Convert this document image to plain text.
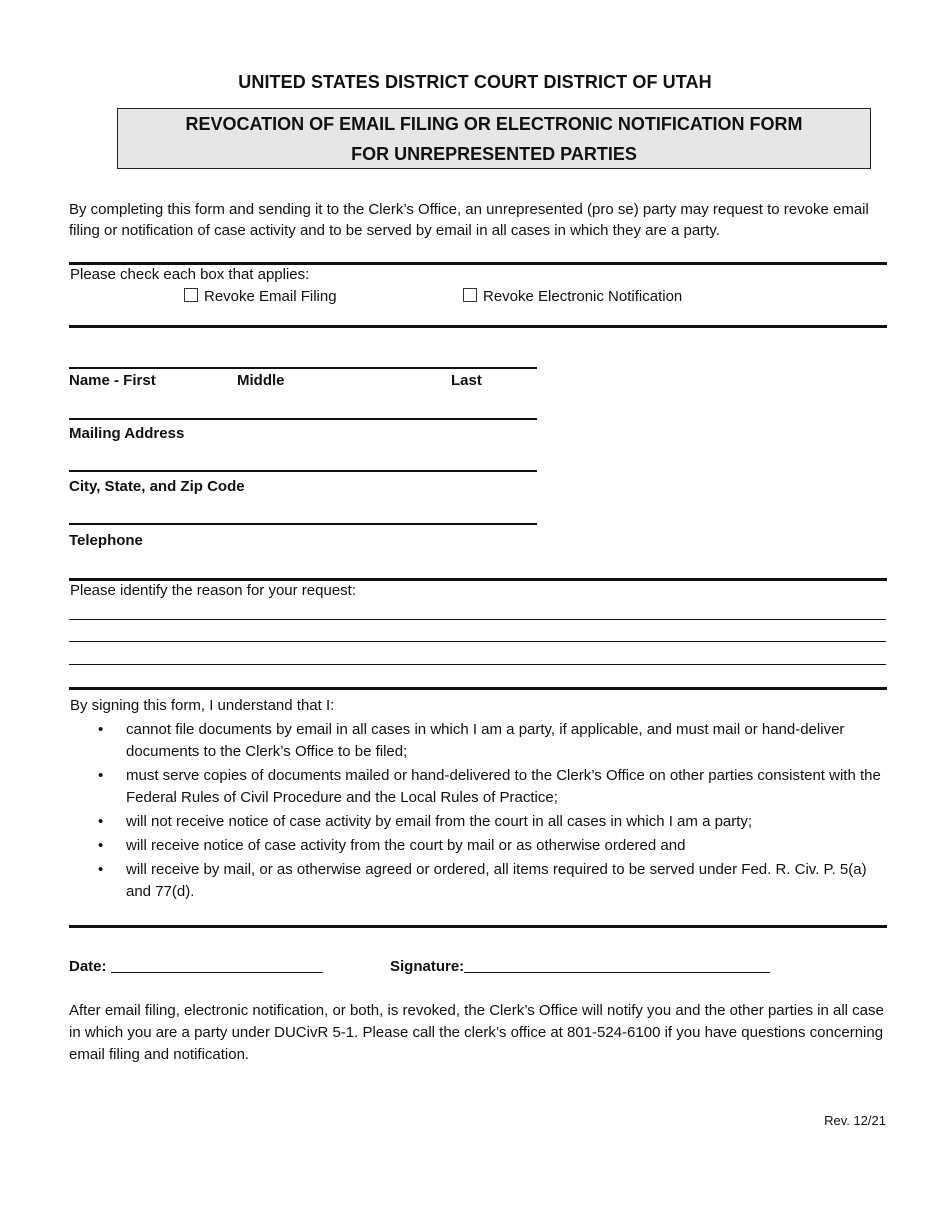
UNITED STATES DISTRICT COURT DISTRICT OF UTAH
REVOCATION OF EMAIL FILING OR ELECTRONIC NOTIFICATION FORM
FOR UNREPRESENTED PARTIES
By completing this form and sending it to the Clerk’s Office, an unrepresented (pro se) party may request to revoke email filing or notification of case activity and to be served by email in all cases in which they are a party.
Please check each box that applies:
Revoke Email Filing	Revoke Electronic Notification
Name - First	Middle	Last
Mailing Address
City, State, and Zip Code
Telephone
Please identify the reason for your request:
By signing this form, I understand that I:
• cannot file documents by email in all cases in which I am a party, if applicable, and must mail or hand-deliver documents to the Clerk’s Office to be filed;
• must serve copies of documents mailed or hand-delivered to the Clerk’s Office on other parties consistent with the Federal Rules of Civil Procedure and the Local Rules of Practice;
• will not receive notice of case activity by email from the court in all cases in which I am a party;
• will receive notice of case activity from the court by mail or as otherwise ordered and
• will receive by mail, or as otherwise agreed or ordered, all items required to be served under Fed. R. Civ. P. 5(a) and 77(d).
Date:	Signature:
After email filing, electronic notification, or both, is revoked, the Clerk’s Office will notify you and the other parties in all case in which you are a party under DUCivR 5-1. Please call the clerk’s office at 801-524-6100 if you have questions concerning email filing and notification.
Rev. 12/21
